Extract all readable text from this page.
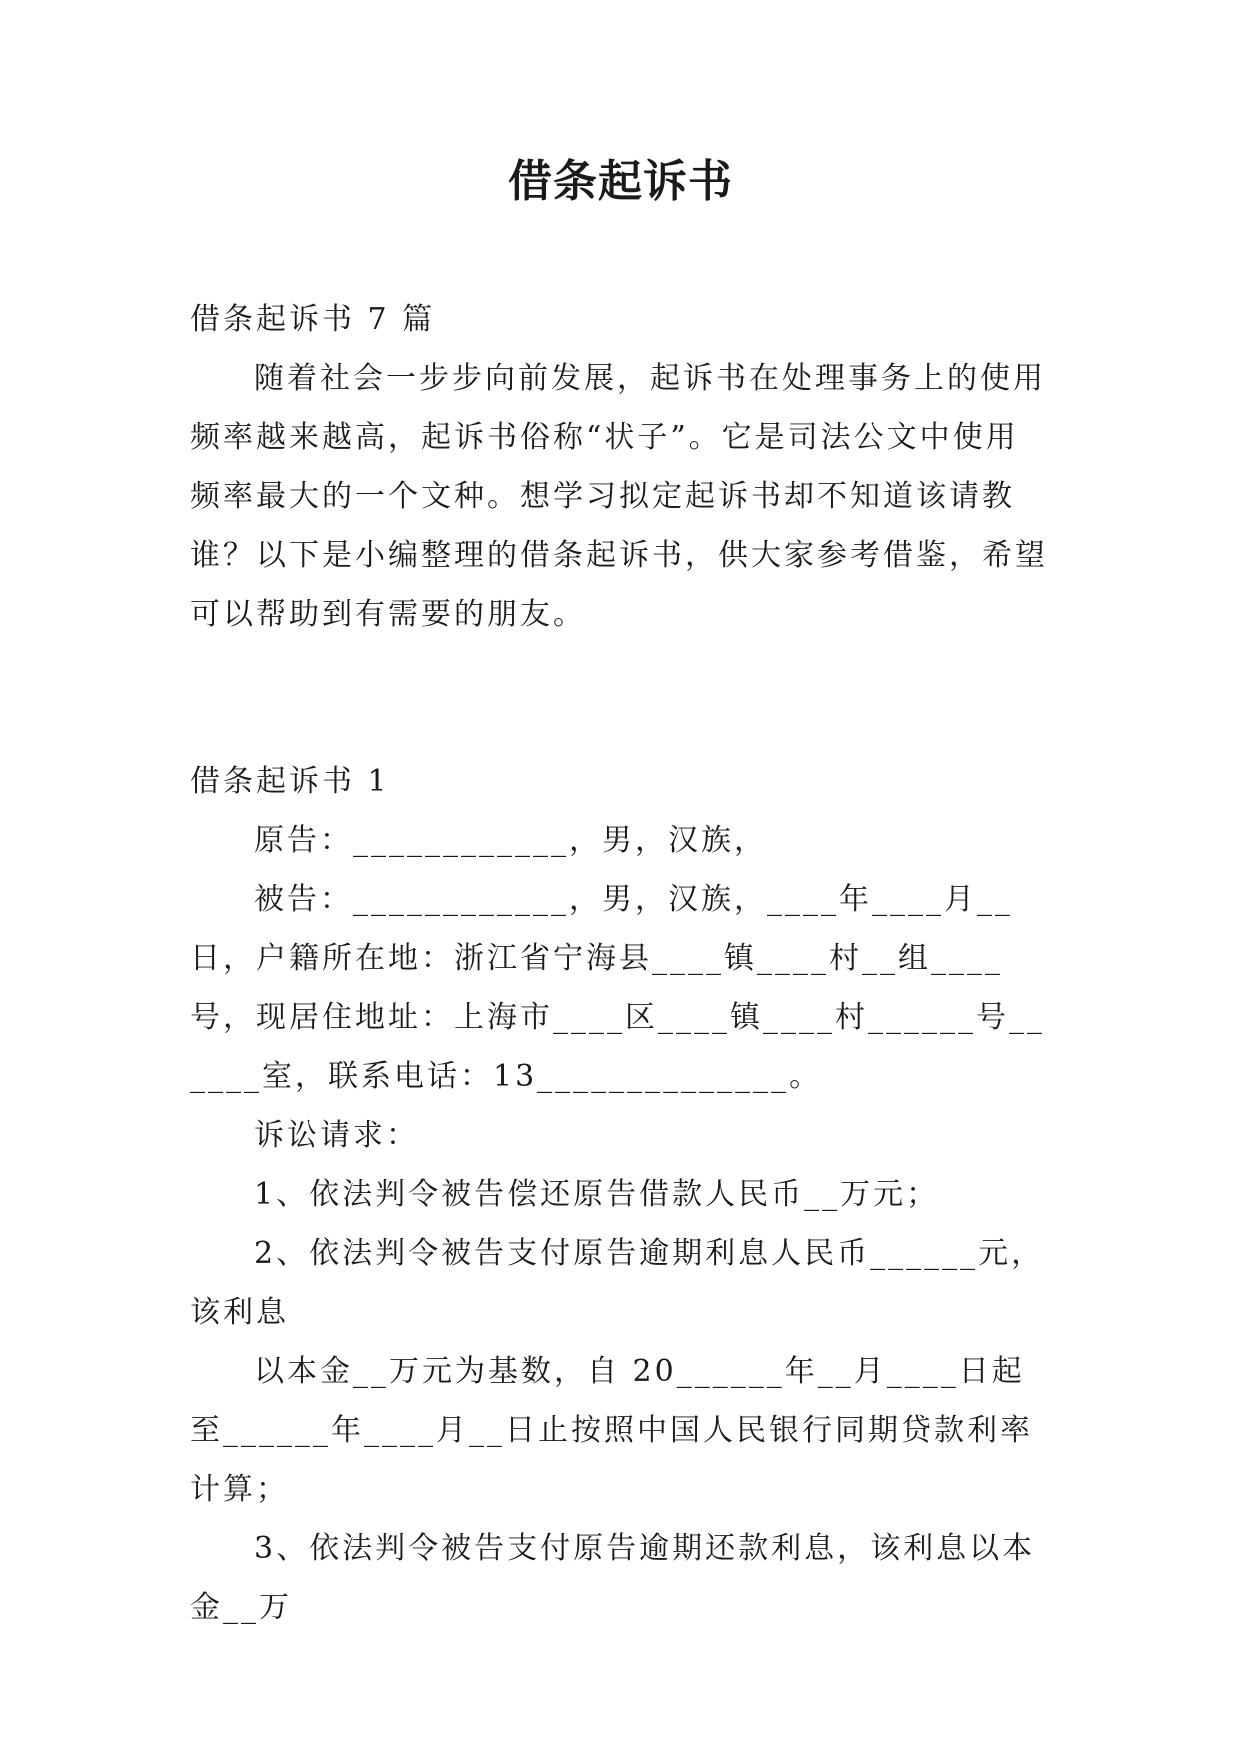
借条起诉书

借条起诉书 7 篇

随着社会一步步向前发展，起诉书在处理事务上的使用频率越来越高，起诉书俗称“状子”。它是司法公文中使用频率最大的一个文种。想学习拟定起诉书却不知道该请教谁？以下是小编整理的借条起诉书，供大家参考借鉴，希望可以帮助到有需要的朋友。

借条起诉书 1

原告：____________，男，汉族，

被告：____________，男，汉族，____年____月__日，户籍所在地：浙江省宁海县____镇____村__组____号，现居住地址：上海市____区____镇____村______号______室，联系电话：13______________。

诉讼请求：

1、依法判令被告偿还原告借款人民币__万元；

2、依法判令被告支付原告逾期利息人民币______元，该利息

以本金__万元为基数，自 20______年__月____日起至______年____月__日止按照中国人民银行同期贷款利率计算；

3、依法判令被告支付原告逾期还款利息，该利息以本金__万
